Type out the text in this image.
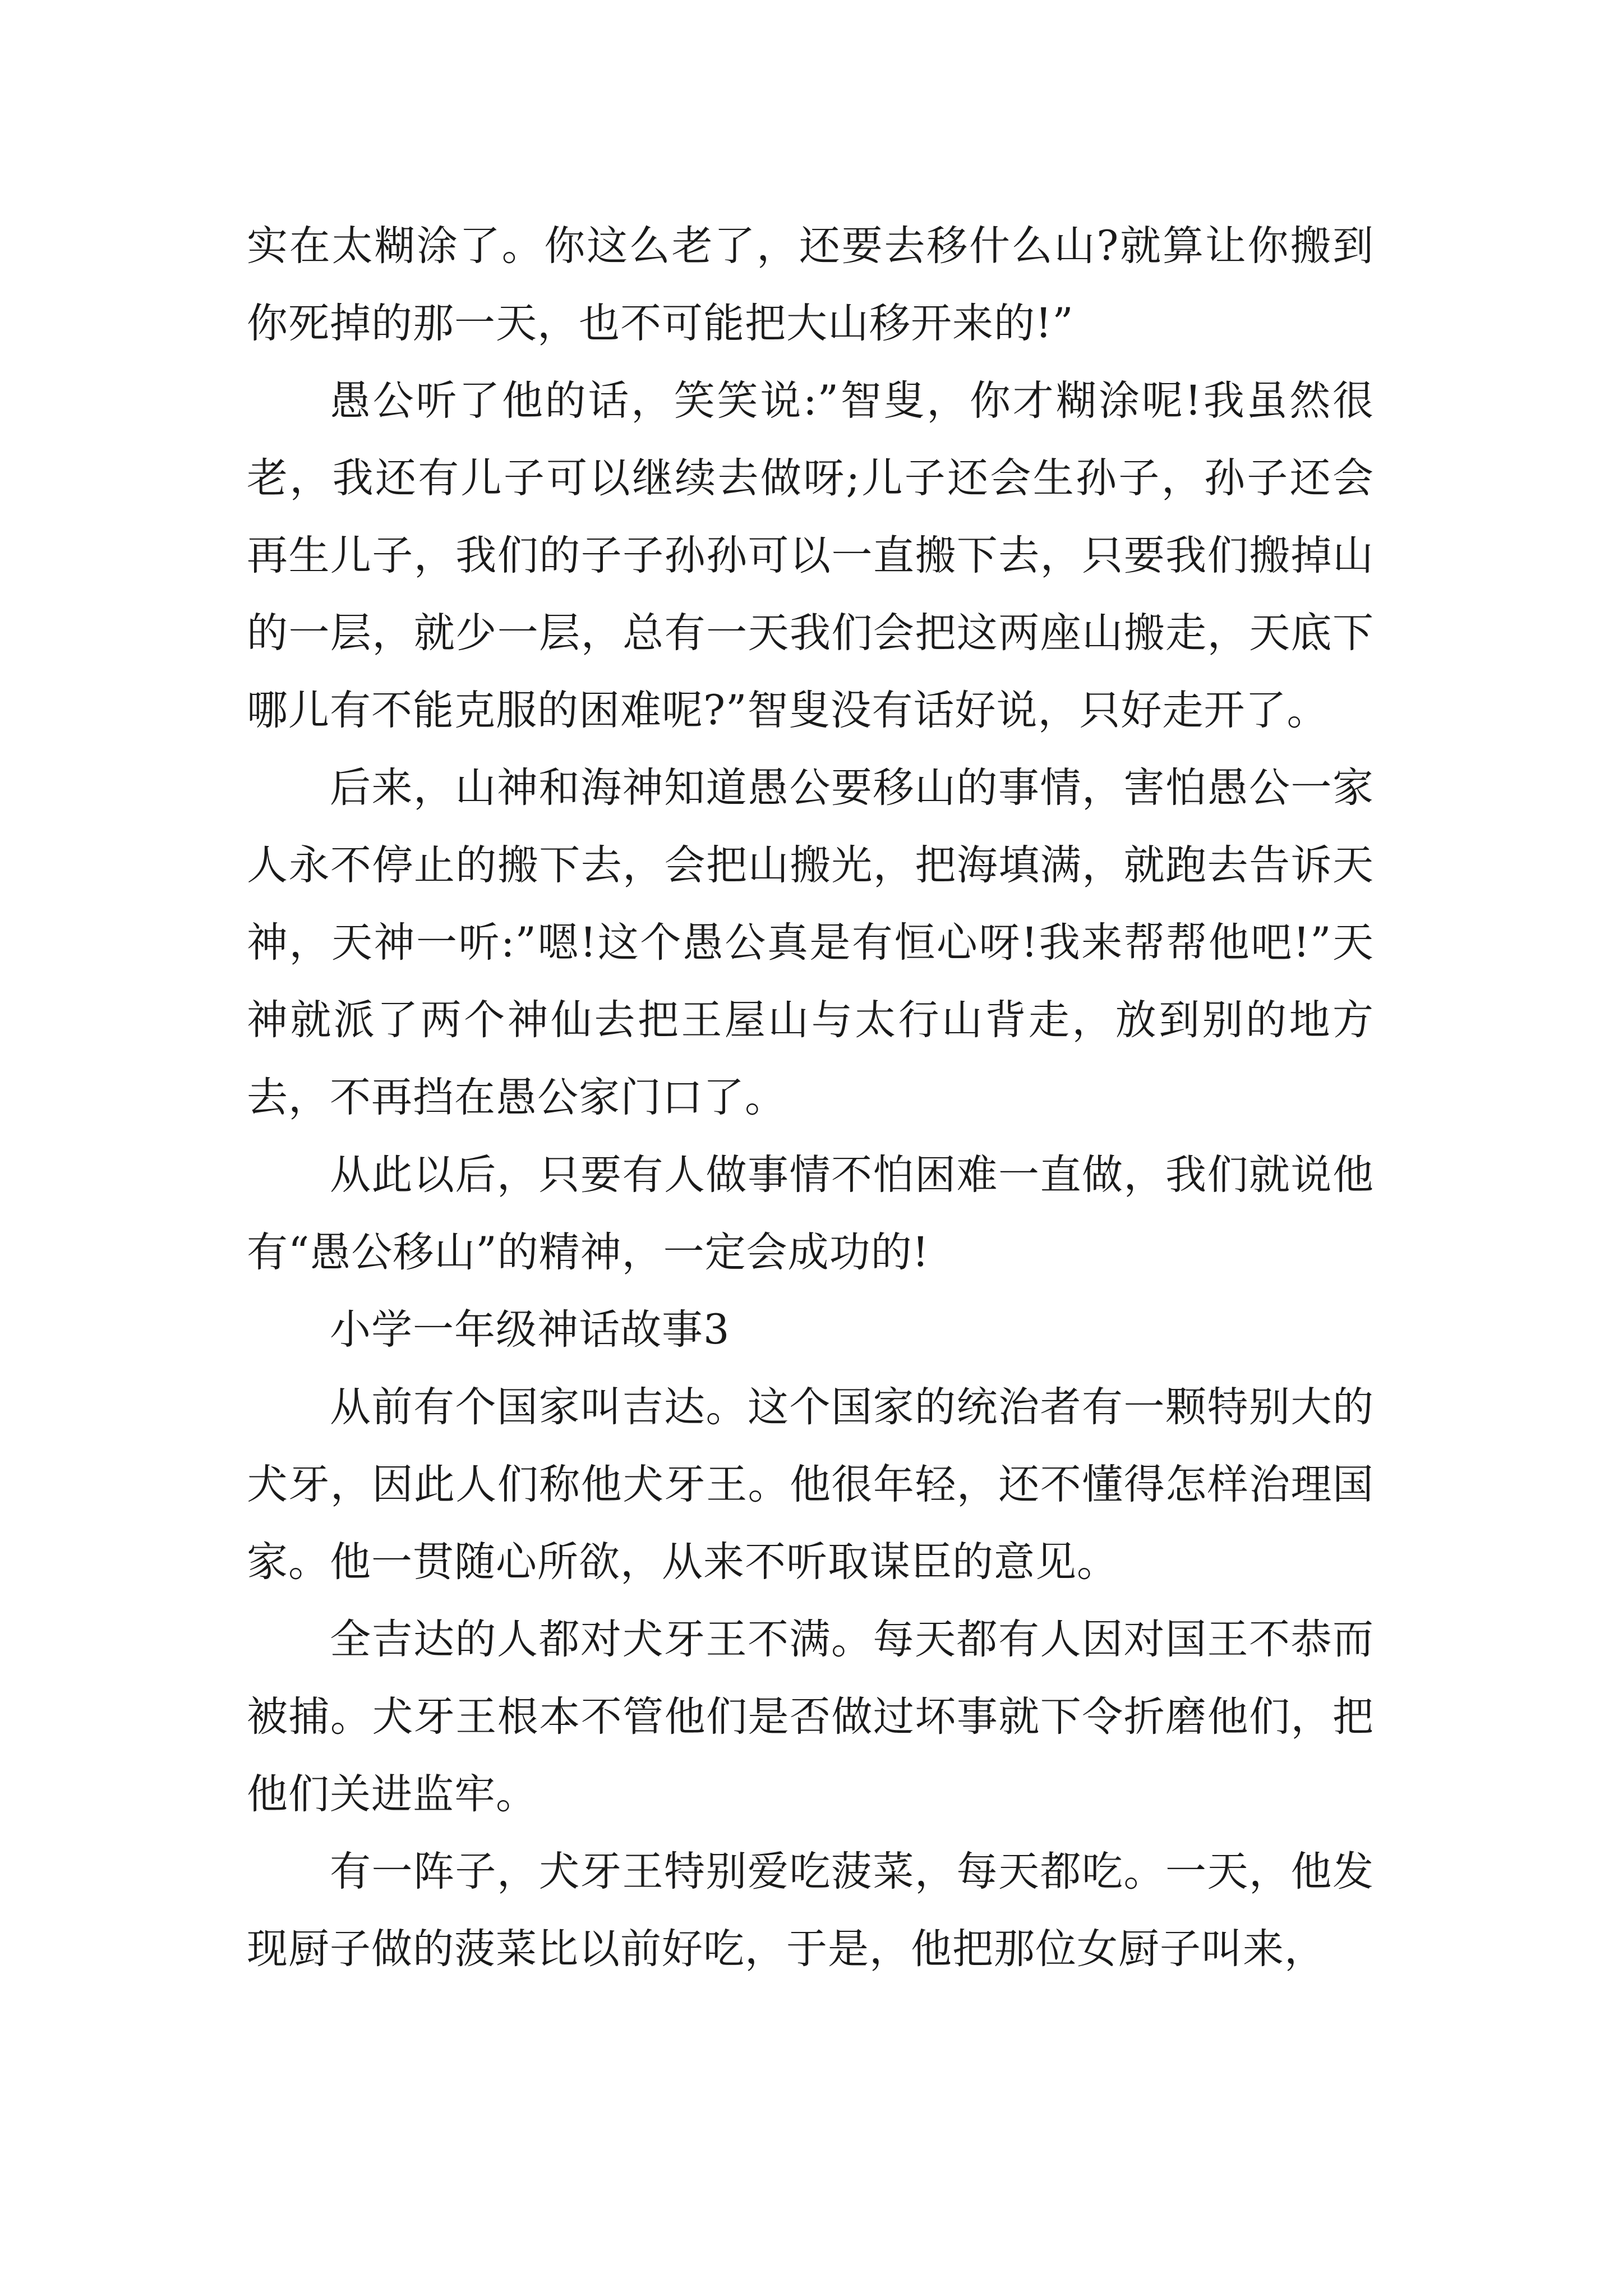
实在太糊涂了。你这么老了，还要去移什么山?就算让你搬到你死掉的那一天，也不可能把大山移开来的!”

愚公听了他的话，笑笑说:”智叟，你才糊涂呢!我虽然很老，我还有儿子可以继续去做呀;儿子还会生孙子，孙子还会再生儿子，我们的子子孙孙可以一直搬下去，只要我们搬掉山的一层，就少一层，总有一天我们会把这两座山搬走，天底下哪儿有不能克服的困难呢?”智叟没有话好说，只好走开了。

后来，山神和海神知道愚公要移山的事情，害怕愚公一家人永不停止的搬下去，会把山搬光，把海填满，就跑去告诉天神，天神一听:”嗯!这个愚公真是有恒心呀!我来帮帮他吧!”天神就派了两个神仙去把王屋山与太行山背走，放到别的地方去，不再挡在愚公家门口了。

从此以后，只要有人做事情不怕困难一直做，我们就说他有“愚公移山”的精神，一定会成功的!

小学一年级神话故事3

从前有个国家叫吉达。这个国家的统治者有一颗特别大的犬牙，因此人们称他犬牙王。他很年轻，还不懂得怎样治理国家。他一贯随心所欲，从来不听取谋臣的意见。

全吉达的人都对犬牙王不满。每天都有人因对国王不恭而被捕。犬牙王根本不管他们是否做过坏事就下令折磨他们，把他们关进监牢。

有一阵子，犬牙王特别爱吃菠菜，每天都吃。一天，他发现厨子做的菠菜比以前好吃，于是，他把那位女厨子叫来，
